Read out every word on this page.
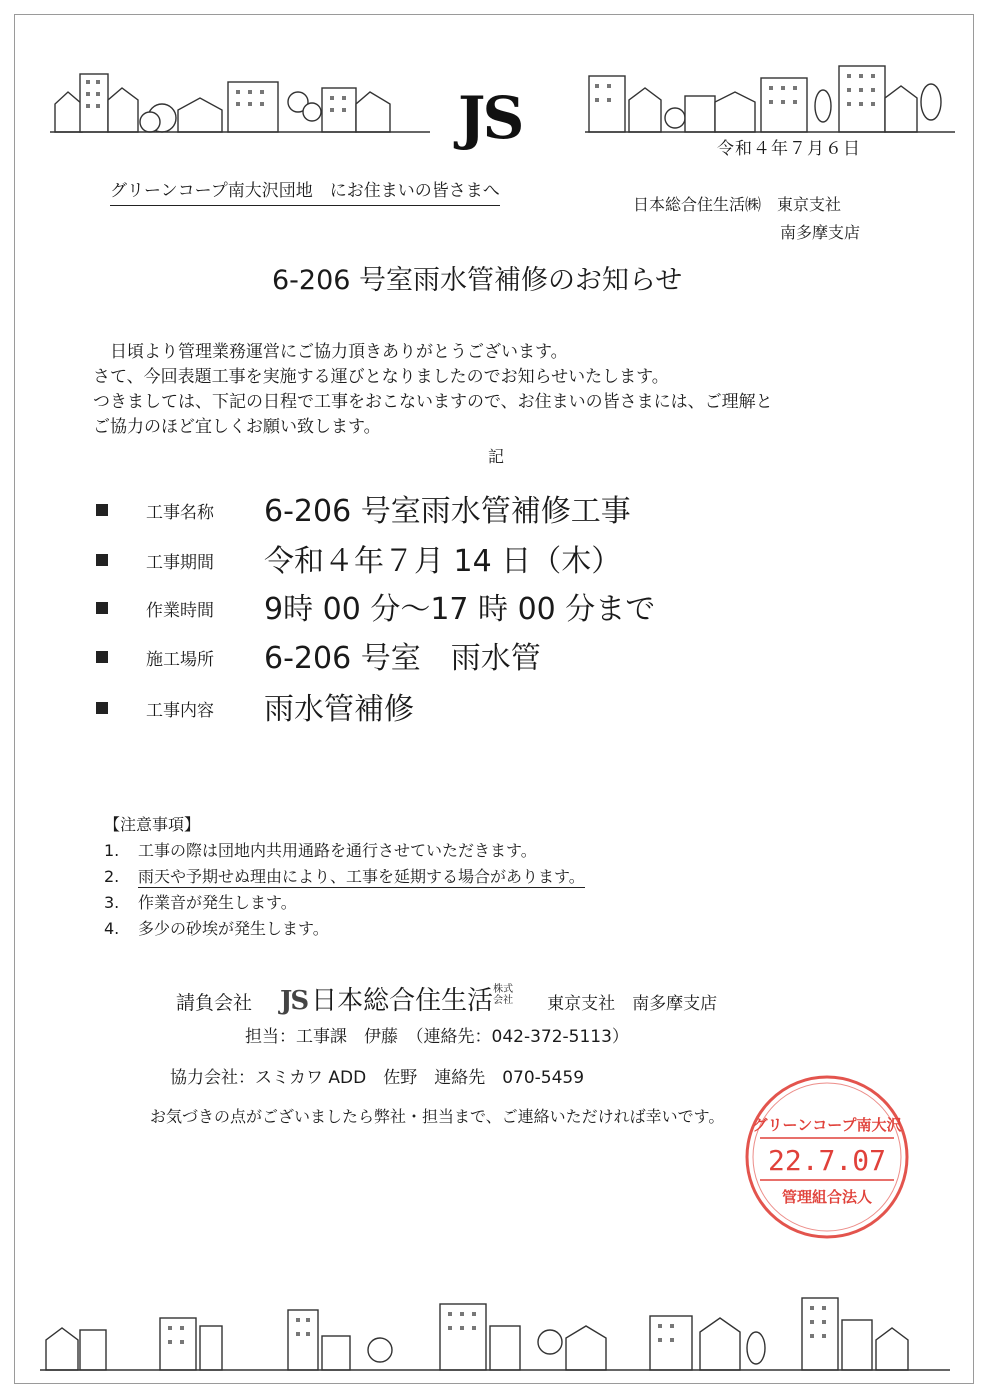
JS	令和４年７月６日
グリーンコープ南大沢団地　にお住まいの皆さまへ
日本総合住生活㈱　東京支社
南多摩支店
6-206 号室雨水管補修のお知らせ
　日頃より管理業務運営にご協力頂きありがとうございます。
さて、今回表題工事を実施する運びとなりましたのでお知らせいたします。
つきましては、下記の日程で工事をおこないますので、お住まいの皆さまには、ご理解と
ご協力のほど宜しくお願い致します。
記
工事名称 6-206 号室雨水管補修工事
工事期間 令和４年７月 14 日（木）
作業時間 9時 00 分～17 時 00 分まで
施工場所 6-206 号室　雨水管
工事内容 雨水管補修
【注意事項】
1. 工事の際は団地内共用通路を通行させていただきます。
2. 雨天や予期せぬ理由により、工事を延期する場合があります。
3. 作業音が発生します。
4. 多少の砂埃が発生します。
請負会社 JS 日本総合住生活株式
会社 東京支社　南多摩支店
担当：工事課　伊藤　（連絡先：042-372-5113）
協力会社：スミカワ ADD　佐野　連絡先　070-5459
お気づきの点がございましたら弊社・担当まで、ご連絡いただければ幸いです。 グリーンコープ南大沢
22.7.07
管理組合法人
